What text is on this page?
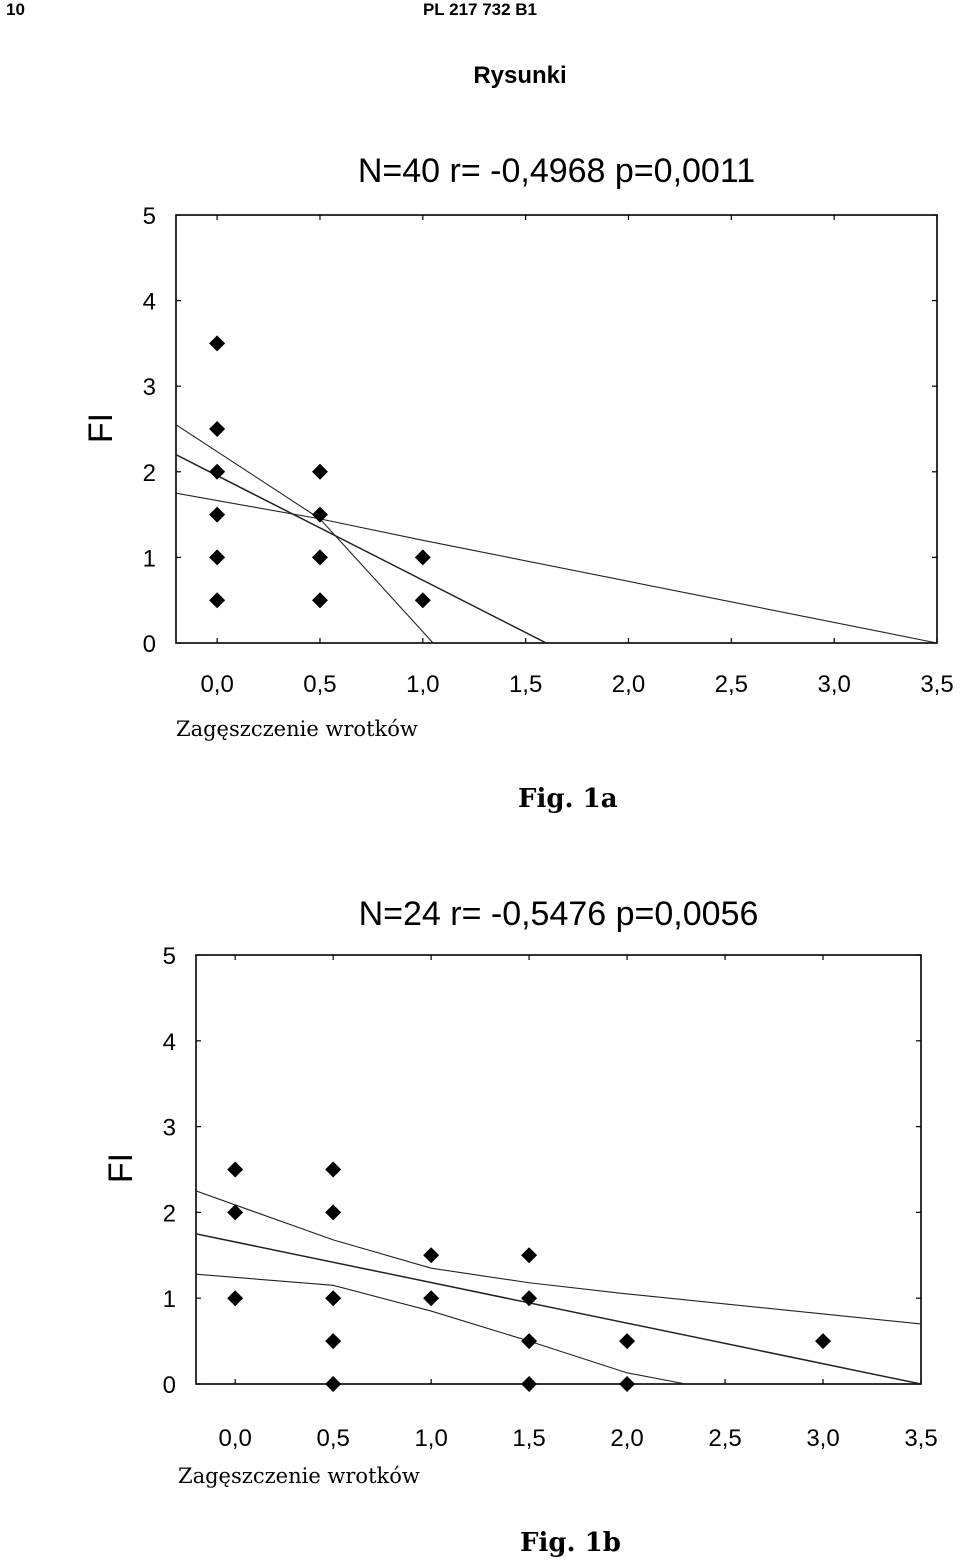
10	PL 217 732 B1
Rysunki
N=40 r= -0,4968 p=0,0011
0
1
2
3
4
5
0,0	0,5	1,0	1,5	2,0	2,5	3,0	3,5
FI
Zagęszczenie wrotków
Fig. 1a
N=24 r= -0,5476 p=0,0056
0
1
2
3
4
5
0,0	0,5	1,0	1,5	2,0	2,5	3,0	3,5
FI
Zagęszczenie wrotków
Fig. 1b
